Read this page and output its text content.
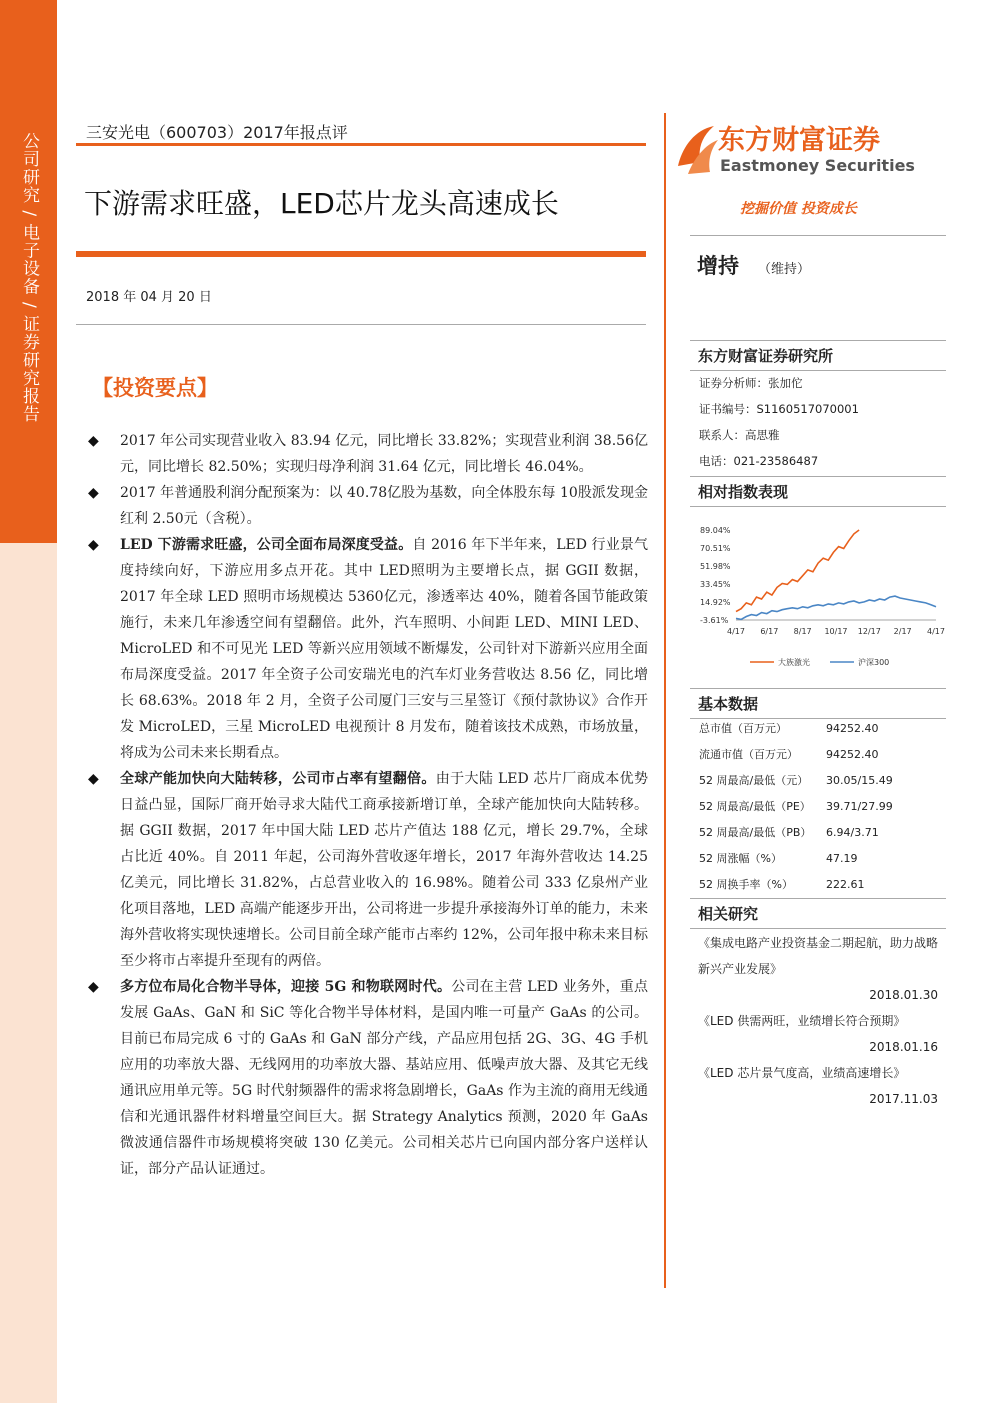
公司研究 / 电子设备 / 证券研究报告	三安光电（600703）2017年报点评
下游需求旺盛，LED芯片龙头高速成长
2018 年 04 月 20 日
【投资要点】
◆ 2017 年公司实现营业收入 83.94 亿元，同比增长 33.82%；实现营业利润 38.56亿元，同比增长 82.50%；实现归母净利润 31.64 亿元，同比增长 46.04%。
◆ 2017 年普通股利润分配预案为：以 40.78亿股为基数，向全体股东每 10股派发现金红利 2.50元（含税）。
◆ LED 下游需求旺盛，公司全面布局深度受益。自 2016 年下半年来，LED 行业景气度持续向好，下游应用多点开花。其中 LED照明为主要增长点，据 GGII 数据，2017 年全球 LED 照明市场规模达 5360亿元，渗透率达 40%，随着各国节能政策施行，未来几年渗透空间有望翻倍。此外，汽车照明、小间距 LED、MINI LED、MicroLED 和不可见光 LED 等新兴应用领域不断爆发，公司针对下游新兴应用全面布局深度受益。2017 年全资子公司安瑞光电的汽车灯业务营收达 8.56 亿，同比增长 68.63%。2018 年 2 月，全资子公司厦门三安与三星签订《预付款协议》合作开发 MicroLED，三星 MicroLED 电视预计 8 月发布，随着该技术成熟，市场放量，将成为公司未来长期看点。
◆ 全球产能加快向大陆转移，公司市占率有望翻倍。由于大陆 LED 芯片厂商成本优势日益凸显，国际厂商开始寻求大陆代工商承接新增订单，全球产能加快向大陆转移。据 GGII 数据，2017 年中国大陆 LED 芯片产值达 188 亿元，增长 29.7%，全球占比近 40%。自 2011 年起，公司海外营收逐年增长，2017 年海外营收达 14.25 亿美元，同比增长 31.82%，占总营业收入的 16.98%。随着公司 333 亿泉州产业化项目落地，LED 高端产能逐步开出，公司将进一步提升承接海外订单的能力，未来海外营收将实现快速增长。公司目前全球产能市占率约 12%，公司年报中称未来目标至少将市占率提升至现有的两倍。
◆ 多方位布局化合物半导体，迎接 5G 和物联网时代。公司在主营 LED 业务外，重点发展 GaAs、GaN 和 SiC 等化合物半导体材料，是国内唯一可量产 GaAs 的公司。目前已布局完成 6 寸的 GaAs 和 GaN 部分产线，产品应用包括 2G、3G、4G 手机应用的功率放大器、无线网用的功率放大器、基站应用、低噪声放大器、及其它无线通讯应用单元等。5G 时代射频器件的需求将急剧增长，GaAs 作为主流的商用无线通信和光通讯器件材料增量空间巨大。据 Strategy Analytics 预测，2020 年 GaAs 微波通信器件市场规模将突破 130 亿美元。公司相关芯片已向国内部分客户送样认证，部分产品认证通过。
东方财富证券
Eastmoney Securities
挖掘价值 投资成长
增持 （维持）
东方财富证券研究所
证券分析师：张加佗
证书编号：S1160517070001
联系人：高思雅
电话：021-23586487
相对指数表现
89.04%
70.51%
51.98%
33.45%
14.92%
-3.61%
4/17 6/17 8/17 10/17 12/17 2/17 4/17
大族激光	沪深300
基本数据
总市值（百万元）	94252.40
流通市值（百万元）	94252.40
52 周最高/最低（元） 30.05/15.49
52 周最高/最低（PE） 39.71/27.99
52 周最高/最低（PB） 6.94/3.71
52 周涨幅（%）	47.19
52 周换手率（%）	222.61
相关研究
《集成电路产业投资基金二期起航，助力战略新兴产业发展》
2018.01.30
《LED 供需两旺，业绩增长符合预期》
2018.01.16
《LED 芯片景气度高，业绩高速增长》
2017.11.03
